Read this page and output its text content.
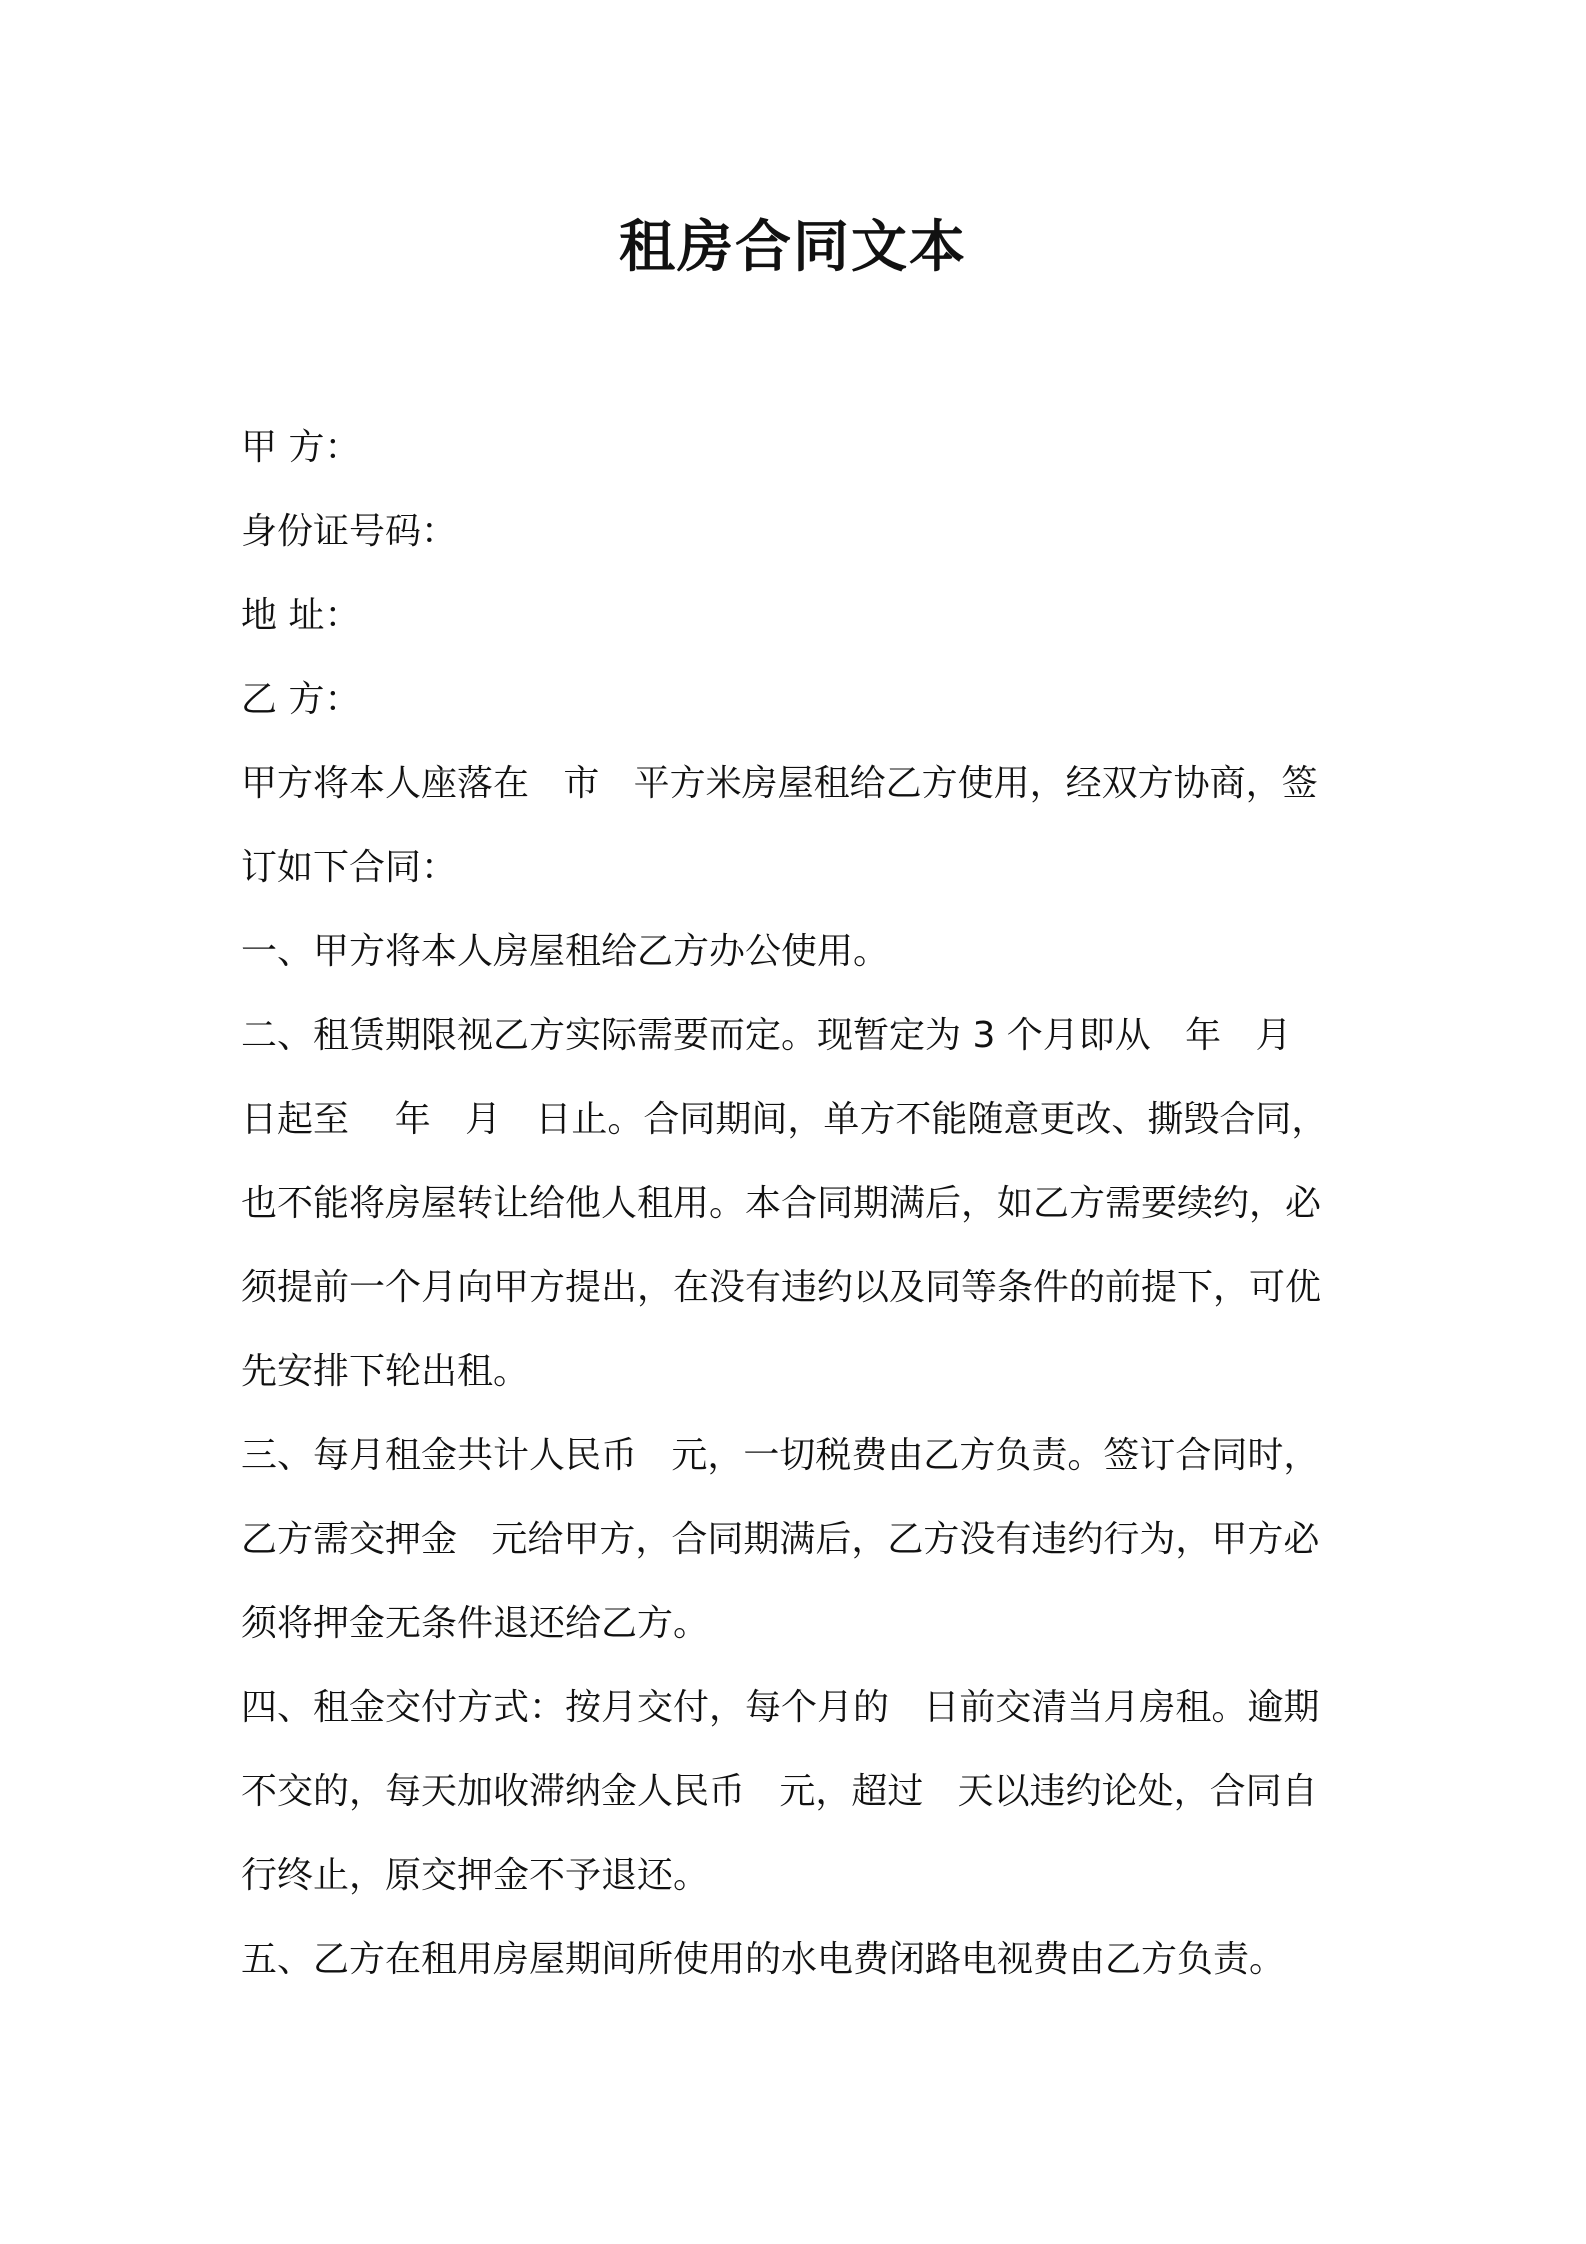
租房合同文本
甲 方：
身份证号码：
地 址：
乙 方：
甲方将本人座落在   市   平方米房屋租给乙方使用，经双方协商，签
订如下合同：
一、甲方将本人房屋租给乙方办公使用。
二、租赁期限视乙方实际需要而定。现暂定为 3 个月即从   年   月
日起至    年   月   日止。合同期间，单方不能随意更改、撕毁合同，
也不能将房屋转让给他人租用。本合同期满后，如乙方需要续约，必
须提前一个月向甲方提出，在没有违约以及同等条件的前提下，可优
先安排下轮出租。
三、每月租金共计人民币   元，一切税费由乙方负责。签订合同时，
乙方需交押金   元给甲方，合同期满后，乙方没有违约行为，甲方必
须将押金无条件退还给乙方。
四、租金交付方式：按月交付，每个月的   日前交清当月房租。逾期
不交的，每天加收滞纳金人民币   元，超过   天以违约论处，合同自
行终止，原交押金不予退还。
五、乙方在租用房屋期间所使用的水电费闭路电视费由乙方负责。
